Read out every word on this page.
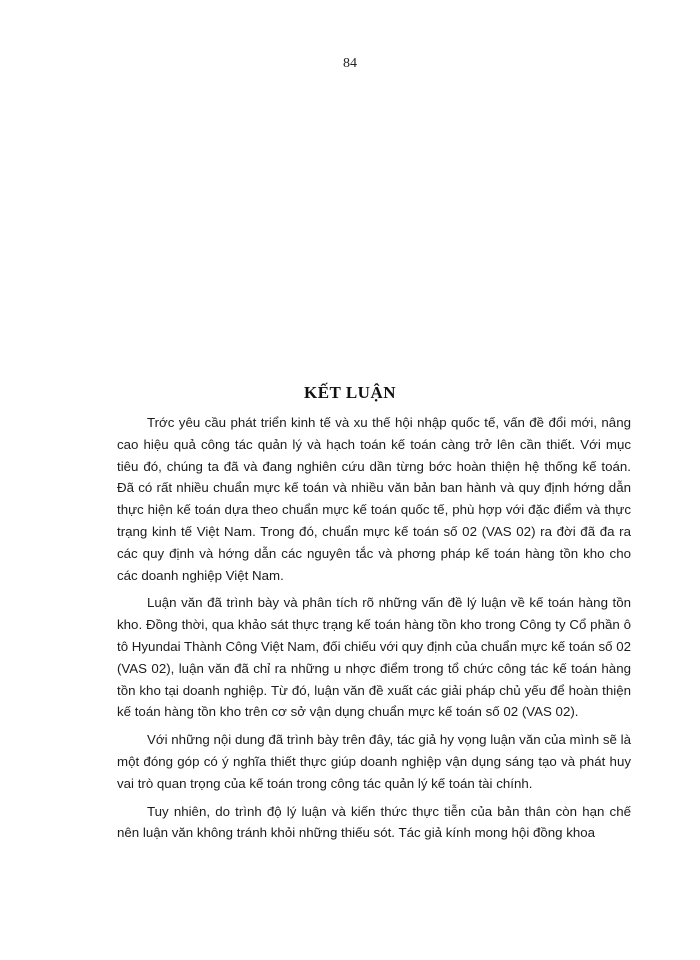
84
KẾT LUẬN

Trớc yêu cầu phát triển kinh tế và xu thế hội nhập quốc tế, vấn đề đổi mới, nâng cao hiệu quả công tác quản lý và hạch toán kế toán càng trở lên cần thiết. Với mục tiêu đó, chúng ta đã và đang nghiên cứu dần từng bớc hoàn thiện hệ thống kế toán. Đã có rất nhiều chuẩn mực kế toán và nhiều văn bản ban hành và quy định hớng dẫn thực hiện kế toán dựa theo chuẩn mực kế toán quốc tế, phù hợp với đặc điểm và thực trạng kinh tế Việt Nam. Trong đó, chuẩn mực kế toán số 02 (VAS 02) ra đời đã đa ra các quy định và hớng dẫn các nguyên tắc và phơng pháp kế toán hàng tồn kho cho các doanh nghiệp Việt Nam.

Luận văn đã trình bày và phân tích rõ những vấn đề lý luận về kế toán hàng tồn kho. Đồng thời, qua khảo sát thực trạng kế toán hàng tồn kho trong Công ty Cổ phần ô tô Hyundai Thành Công Việt Nam, đối chiếu với quy định của chuẩn mực kế toán số 02 (VAS 02), luận văn đã chỉ ra những u nhợc điểm trong tổ chức công tác kế toán hàng tồn kho tại doanh nghiệp. Từ đó, luận văn đề xuất các giải pháp chủ yếu để hoàn thiện kế toán hàng tồn kho trên cơ sở vận dụng chuẩn mực kế toán số 02 (VAS 02).

Với những nội dung đã trình bày trên đây, tác giả hy vọng luận văn của mình sẽ là một đóng góp có ý nghĩa thiết thực giúp doanh nghiệp vận dụng sáng tạo và phát huy vai trò quan trọng của kế toán trong công tác quản lý kế toán tài chính.

Tuy nhiên, do trình độ lý luận và kiến thức thực tiễn của bản thân còn hạn chế nên luận văn không tránh khỏi những thiếu sót. Tác giả kính mong hội đồng khoa
